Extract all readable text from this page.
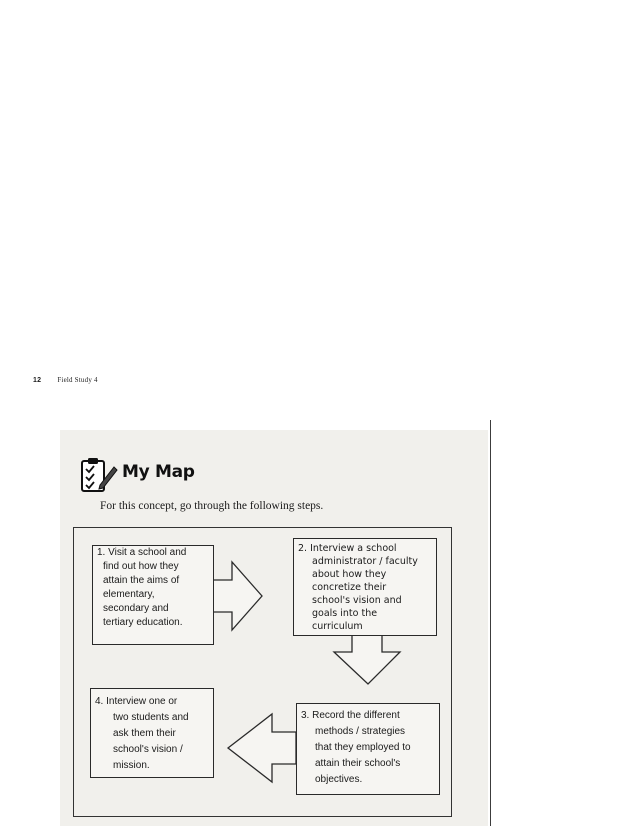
12 Field Study 4
My Map
For this concept, go through the following steps.
1. Visit a school and
find out how they
attain the aims of
elementary,
secondary and
tertiary education.
2. Interview a school
administrator / faculty
about how they
concretize their
school's vision and
goals into the
curriculum
3. Record the different
methods / strategies
that they employed to
attain their school's
objectives.
4. Interview one or
two students and
ask them their
school's vision /
mission.
